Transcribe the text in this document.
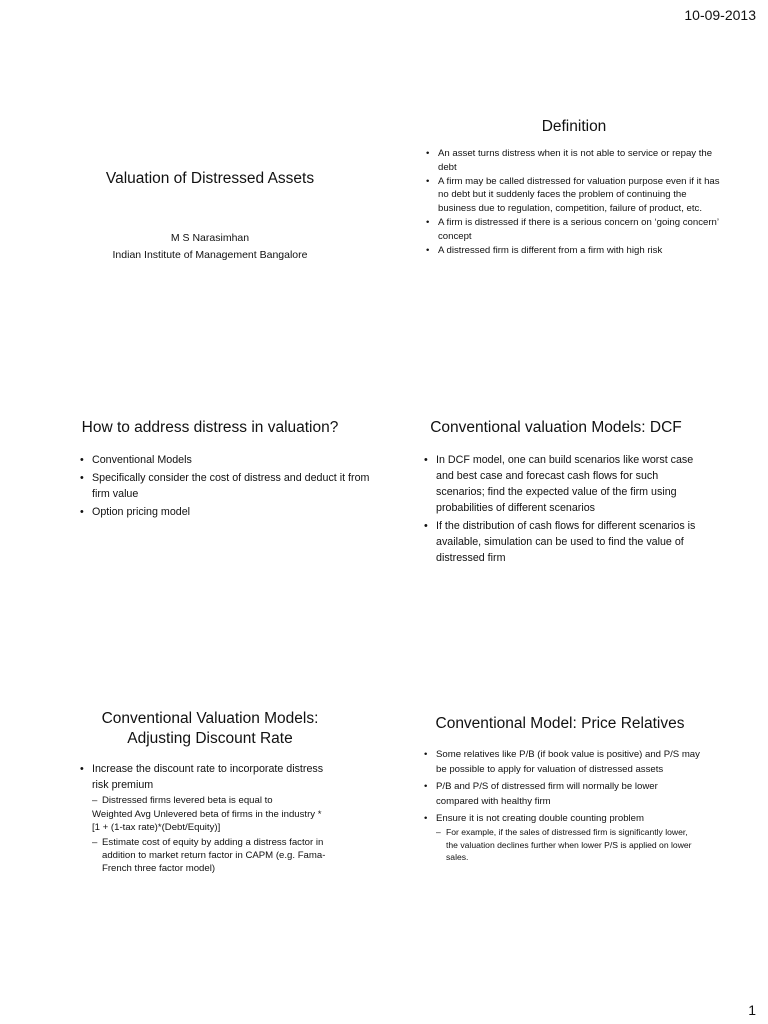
10-09-2013
Valuation of Distressed Assets
M S Narasimhan
Indian Institute of Management Bangalore
Definition
• An asset turns distress when it is not able to service or repay the debt
• A firm may be called distressed for valuation purpose even if it has no debt but it suddenly faces the problem of continuing the business due to regulation, competition, failure of product, etc.
• A firm is distressed if there is a serious concern on ‘going concern’ concept
• A distressed firm is different from a firm with high risk
How to address distress in valuation?
• Conventional Models
• Specifically consider the cost of distress and deduct it from firm value
• Option pricing model
Conventional valuation Models: DCF
• In DCF model, one can build scenarios like worst case and best case and forecast cash flows for such scenarios; find the expected value of the firm using probabilities of different scenarios
• If the distribution of cash flows for different scenarios is available, simulation can be used to find the value of distressed firm
Conventional Valuation Models:
Adjusting Discount Rate
• Increase the discount rate to incorporate distress risk premium
– Distressed firms levered beta is equal to
Weighted Avg Unlevered beta of firms in the industry * [1 + (1-tax rate)*(Debt/Equity)]
– Estimate cost of equity by adding a distress factor in addition to market return factor in CAPM (e.g. Fama-French three factor model)
Conventional Model: Price Relatives
• Some relatives like P/B (if book value is positive) and P/S may be possible to apply for valuation of distressed assets
• P/B and P/S of distressed firm will normally be lower compared with healthy firm
• Ensure it is not creating double counting problem
– For example, if the sales of distressed firm is significantly lower, the valuation declines further when lower P/S is applied on lower sales.
1
